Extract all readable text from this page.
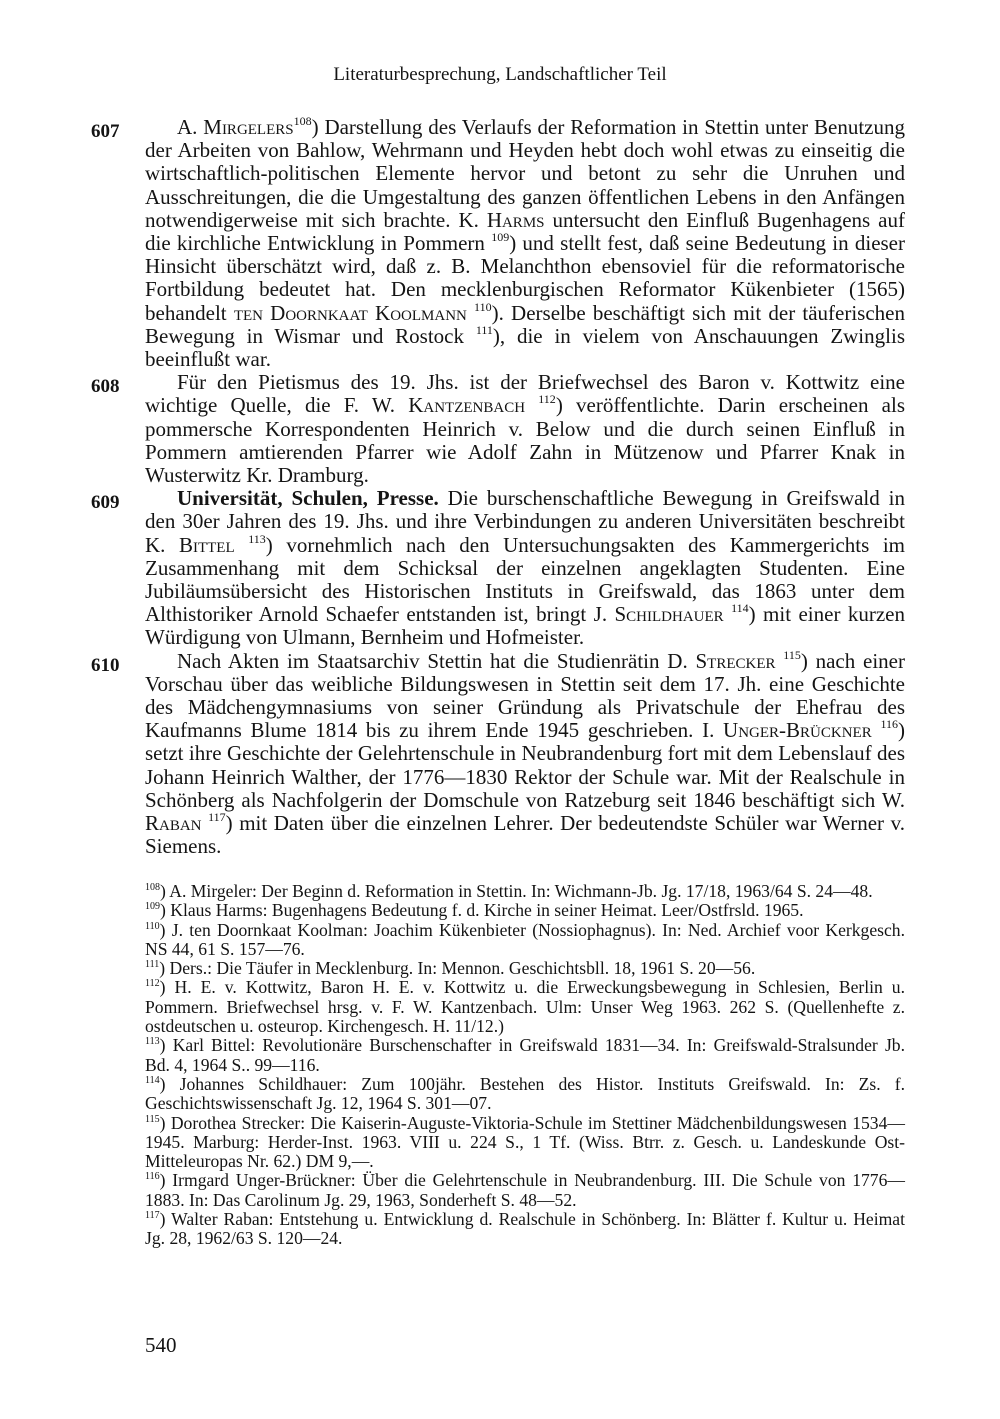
Literaturbesprechung, Landschaftlicher Teil

607	A. Mirgelers$^{108}$) Darstellung des Verlaufs der Reformation in Stettin unter Benutzung der Arbeiten von Bahlow, Wehrmann und Heyden hebt doch wohl etwas zu einseitig die wirtschaftlich-politischen Elemente hervor und betont zu sehr die Unruhen und Ausschreitungen, die die Umgestaltung des ganzen öffentlichen Lebens in den Anfängen notwendigerweise mit sich brachte. K. Harms untersucht den Einfluß Bugenhagens auf die kirchliche Entwicklung in Pommern $^{109}$) und stellt fest, daß seine Bedeutung in dieser Hinsicht überschätzt wird, daß z. B. Melanchthon ebensoviel für die reformatorische Fortbildung bedeutet hat. Den mecklenburgischen Reformator Kükenbieter (1565) behandelt ten Doornkaat Koolmann $^{110}$). Derselbe beschäftigt sich mit der täuferischen Bewegung in Wismar und Rostock $^{111}$), die in vielem von Anschauungen Zwinglis beeinflußt war.

608	Für den Pietismus des 19. Jhs. ist der Briefwechsel des Baron v. Kottwitz eine wichtige Quelle, die F. W. Kantzenbach $^{112}$) veröffentlichte. Darin erscheinen als pommersche Korrespondenten Heinrich v. Below und die durch seinen Einfluß in Pommern amtierenden Pfarrer wie Adolf Zahn in Mützenow und Pfarrer Knak in Wusterwitz Kr. Dramburg.

609	Universität, Schulen, Presse. Die burschenschaftliche Bewegung in Greifswald in den 30er Jahren des 19. Jhs. und ihre Verbindungen zu anderen Universitäten beschreibt K. Bittel $^{113}$) vornehmlich nach den Untersuchungsakten des Kammergerichts im Zusammenhang mit dem Schicksal der einzelnen angeklagten Studenten. Eine Jubiläumsübersicht des Historischen Instituts in Greifswald, das 1863 unter dem Althistoriker Arnold Schaefer entstanden ist, bringt J. Schildhauer $^{114}$) mit einer kurzen Würdigung von Ulmann, Bernheim und Hofmeister.

610	Nach Akten im Staatsarchiv Stettin hat die Studienrätin D. Strecker $^{115}$) nach einer Vorschau über das weibliche Bildungswesen in Stettin seit dem 17. Jh. eine Geschichte des Mädchengymnasiums von seiner Gründung als Privatschule der Ehefrau des Kaufmanns Blume 1814 bis zu ihrem Ende 1945 geschrieben. I. Unger-Brückner $^{116}$) setzt ihre Geschichte der Gelehrtenschule in Neubrandenburg fort mit dem Lebenslauf des Johann Heinrich Walther, der 1776—1830 Rektor der Schule war. Mit der Realschule in Schönberg als Nachfolgerin der Domschule von Ratzeburg seit 1846 beschäftigt sich W. Raban $^{117}$) mit Daten über die einzelnen Lehrer. Der bedeutendste Schüler war Werner v. Siemens.

$^{108}$) A. Mirgeler: Der Beginn d. Reformation in Stettin. In: Wichmann-Jb. Jg. 17/18, 1963/64 S. 24—48.

$^{109}$) Klaus Harms: Bugenhagens Bedeutung f. d. Kirche in seiner Heimat. Leer/Ostfrsld. 1965.

$^{110}$) J. ten Doornkaat Koolman: Joachim Kükenbieter (Nossiophagnus). In: Ned. Archief voor Kerkgesch. NS 44, 61 S. 157—76.

$^{111}$) Ders.: Die Täufer in Mecklenburg. In: Mennon. Geschichtsbll. 18, 1961 S. 20—56.

$^{112}$) H. E. v. Kottwitz, Baron H. E. v. Kottwitz u. die Erweckungsbewegung in Schlesien, Berlin u. Pommern. Briefwechsel hrsg. v. F. W. Kantzenbach. Ulm: Unser Weg 1963. 262 S. (Quellenhefte z. ostdeutschen u. osteurop. Kirchengesch. H. 11/12.)

$^{113}$) Karl Bittel: Revolutionäre Burschenschafter in Greifswald 1831—34. In: Greifswald-Stralsunder Jb. Bd. 4, 1964 S.. 99—116.

$^{114}$) Johannes Schildhauer: Zum 100jähr. Bestehen des Histor. Instituts Greifswald. In: Zs. f. Geschichtswissenschaft Jg. 12, 1964 S. 301—07.

$^{115}$) Dorothea Strecker: Die Kaiserin-Auguste-Viktoria-Schule im Stettiner Mädchenbildungswesen 1534—1945. Marburg: Herder-Inst. 1963. VIII u. 224 S., 1 Tf. (Wiss. Btrr. z. Gesch. u. Landeskunde Ost-Mitteleuropas Nr. 62.) DM 9,—.

$^{116}$) Irmgard Unger-Brückner: Über die Gelehrtenschule in Neubrandenburg. III. Die Schule von 1776—1883. In: Das Carolinum Jg. 29, 1963, Sonderheft S. 48—52.

$^{117}$) Walter Raban: Entstehung u. Entwicklung d. Realschule in Schönberg. In: Blätter f. Kultur u. Heimat Jg. 28, 1962/63 S. 120—24.

540
